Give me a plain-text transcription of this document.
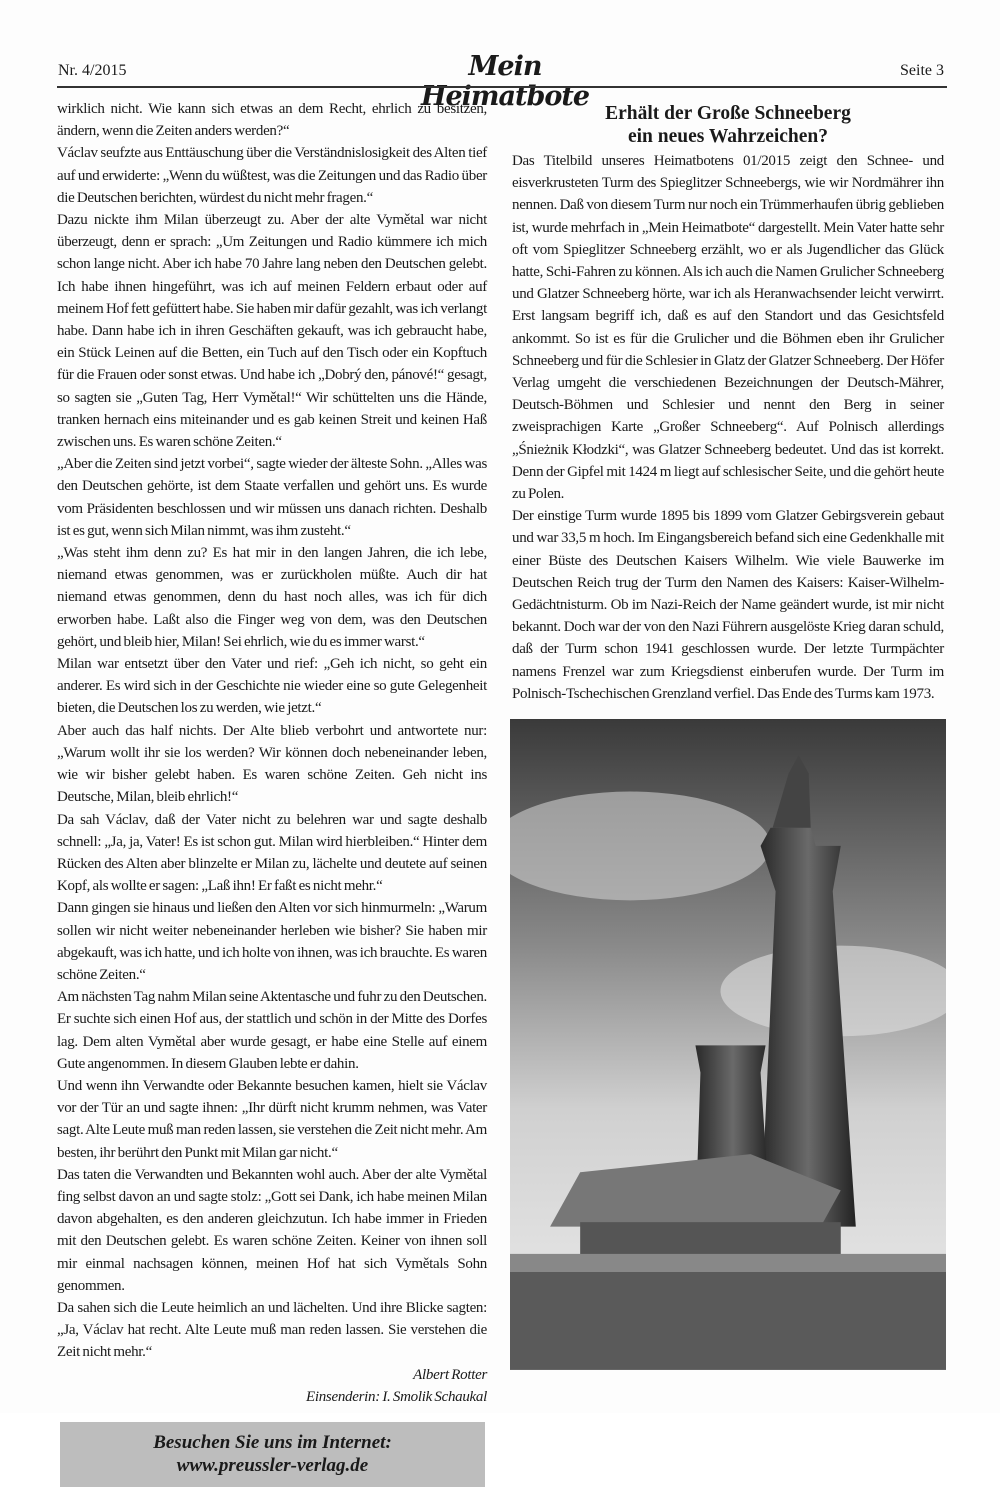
Nr. 4/2015	Mein Heimatbote
Seite 3

wirklich nicht. Wie kann sich etwas an dem Recht, ehrlich zu besitzen, ändern, wenn die Zeiten anders werden?“

Václav seufzte aus Enttäuschung über die Verständnislosigkeit des Alten tief auf und erwiderte: „Wenn du wüßtest, was die Zeitungen und das Radio über die Deutschen berichten, würdest du nicht mehr fragen.“

Dazu nickte ihm Milan überzeugt zu. Aber der alte Vymětal war nicht überzeugt, denn er sprach: „Um Zeitungen und Radio kümmere ich mich schon lange nicht. Aber ich habe 70 Jahre lang neben den Deutschen gelebt. Ich habe ihnen hingeführt, was ich auf meinen Feldern erbaut oder auf meinem Hof fett gefüttert habe. Sie haben mir dafür gezahlt, was ich verlangt habe. Dann habe ich in ihren Geschäften gekauft, was ich gebraucht habe, ein Stück Leinen auf die Betten, ein Tuch auf den Tisch oder ein Kopftuch für die Frauen oder sonst etwas. Und habe ich „Dobrý den, pánové!“ gesagt, so sagten sie „Guten Tag, Herr Vymětal!“ Wir schüttelten uns die Hände, tranken hernach eins miteinander und es gab keinen Streit und keinen Haß zwischen uns. Es waren schöne Zeiten.“

„Aber die Zeiten sind jetzt vorbei“, sagte wieder der älteste Sohn. „Alles was den Deutschen gehörte, ist dem Staate verfallen und gehört uns. Es wurde vom Präsidenten beschlossen und wir müssen uns danach richten. Deshalb ist es gut, wenn sich Milan nimmt, was ihm zusteht.“

„Was steht ihm denn zu? Es hat mir in den langen Jahren, die ich lebe, niemand etwas genommen, was er zurückholen müßte. Auch dir hat niemand etwas genommen, denn du hast noch alles, was ich für dich erworben habe. Laßt also die Finger weg von dem, was den Deutschen gehört, und bleib hier, Milan! Sei ehrlich, wie du es immer warst.“

Milan war entsetzt über den Vater und rief: „Geh ich nicht, so geht ein anderer. Es wird sich in der Geschichte nie wieder eine so gute Gelegenheit bieten, die Deutschen los zu werden, wie jetzt.“

Aber auch das half nichts. Der Alte blieb verbohrt und antwortete nur: „Warum wollt ihr sie los werden? Wir können doch nebeneinander leben, wie wir bisher gelebt haben. Es waren schöne Zeiten. Geh nicht ins Deutsche, Milan, bleib ehrlich!“

Da sah Václav, daß der Vater nicht zu belehren war und sagte deshalb schnell: „Ja, ja, Vater! Es ist schon gut. Milan wird hierbleiben.“ Hinter dem Rücken des Alten aber blinzelte er Milan zu, lächelte und deutete auf seinen Kopf, als wollte er sagen: „Laß ihn! Er faßt es nicht mehr.“

Dann gingen sie hinaus und ließen den Alten vor sich hinmurmeln: „Warum sollen wir nicht weiter nebeneinander herleben wie bisher? Sie haben mir abgekauft, was ich hatte, und ich holte von ihnen, was ich brauchte. Es waren schöne Zeiten.“

Am nächsten Tag nahm Milan seine Aktentasche und fuhr zu den Deutschen. Er suchte sich einen Hof aus, der stattlich und schön in der Mitte des Dorfes lag. Dem alten Vymětal aber wurde gesagt, er habe eine Stelle auf einem Gute angenommen. In diesem Glauben lebte er dahin.

Und wenn ihn Verwandte oder Bekannte besuchen kamen, hielt sie Václav vor der Tür an und sagte ihnen: „Ihr dürft nicht krumm nehmen, was Vater sagt. Alte Leute muß man reden lassen, sie verstehen die Zeit nicht mehr. Am besten, ihr berührt den Punkt mit Milan gar nicht.“

Das taten die Verwandten und Bekannten wohl auch. Aber der alte Vymětal fing selbst davon an und sagte stolz: „Gott sei Dank, ich habe meinen Milan davon abgehalten, es den anderen gleichzutun. Ich habe immer in Frieden mit den Deutschen gelebt. Es waren schöne Zeiten. Keiner von ihnen soll mir einmal nachsagen können, meinen Hof hat sich Vymětals Sohn genommen.

Da sahen sich die Leute heimlich an und lächelten. Und ihre Blicke sagten: „Ja, Václav hat recht. Alte Leute muß man reden lassen. Sie verstehen die Zeit nicht mehr.“

Albert Rotter

Einsenderin: I. Smolik Schaukal

Besuchen Sie uns im Internet:
www.preussler-verlag.de
Erhält der Große Schneeberg
ein neues Wahrzeichen?

Das Titelbild unseres Heimatbotens 01/2015 zeigt den Schnee- und eisverkrusteten Turm des Spieglitzer Schneebergs, wie wir Nordmährer ihn nennen. Daß von diesem Turm nur noch ein Trümmerhaufen übrig geblieben ist, wurde mehrfach in „Mein Heimatbote“ dargestellt. Mein Vater hatte sehr oft vom Spieglitzer Schneeberg erzählt, wo er als Jugendlicher das Glück hatte, Schi-Fahren zu können. Als ich auch die Namen Grulicher Schneeberg und Glatzer Schneeberg hörte, war ich als Heranwachsender leicht verwirrt. Erst langsam begriff ich, daß es auf den Standort und das Gesichtsfeld ankommt. So ist es für die Grulicher und die Böhmen eben ihr Grulicher Schneeberg und für die Schlesier in Glatz der Glatzer Schneeberg. Der Höfer Verlag umgeht die verschiedenen Bezeichnungen der Deutsch-Mährer, Deutsch-Böhmen und Schlesier und nennt den Berg in seiner zweisprachigen Karte „Großer Schneeberg“. Auf Polnisch allerdings „Śnieżnik Kłodzki“, was Glatzer Schneeberg bedeutet. Und das ist korrekt. Denn der Gipfel mit 1424 m liegt auf schlesischer Seite, und die gehört heute zu Polen.

Der einstige Turm wurde 1895 bis 1899 vom Glatzer Gebirgsverein gebaut und war 33,5 m hoch. Im Eingangsbereich befand sich eine Gedenkhalle mit einer Büste des Deutschen Kaisers Wilhelm. Wie viele Bauwerke im Deutschen Reich trug der Turm den Namen des Kaisers: Kaiser-Wilhelm-Gedächtnisturm. Ob im Nazi-Reich der Name geändert wurde, ist mir nicht bekannt. Doch war der von den Nazi Führern ausgelöste Krieg daran schuld, daß der Turm schon 1941 geschlossen wurde. Der letzte Turmpächter namens Frenzel war zum Kriegsdienst einberufen wurde. Der Turm im Polnisch-Tschechischen Grenzland verfiel. Das Ende des Turms kam 1973.
